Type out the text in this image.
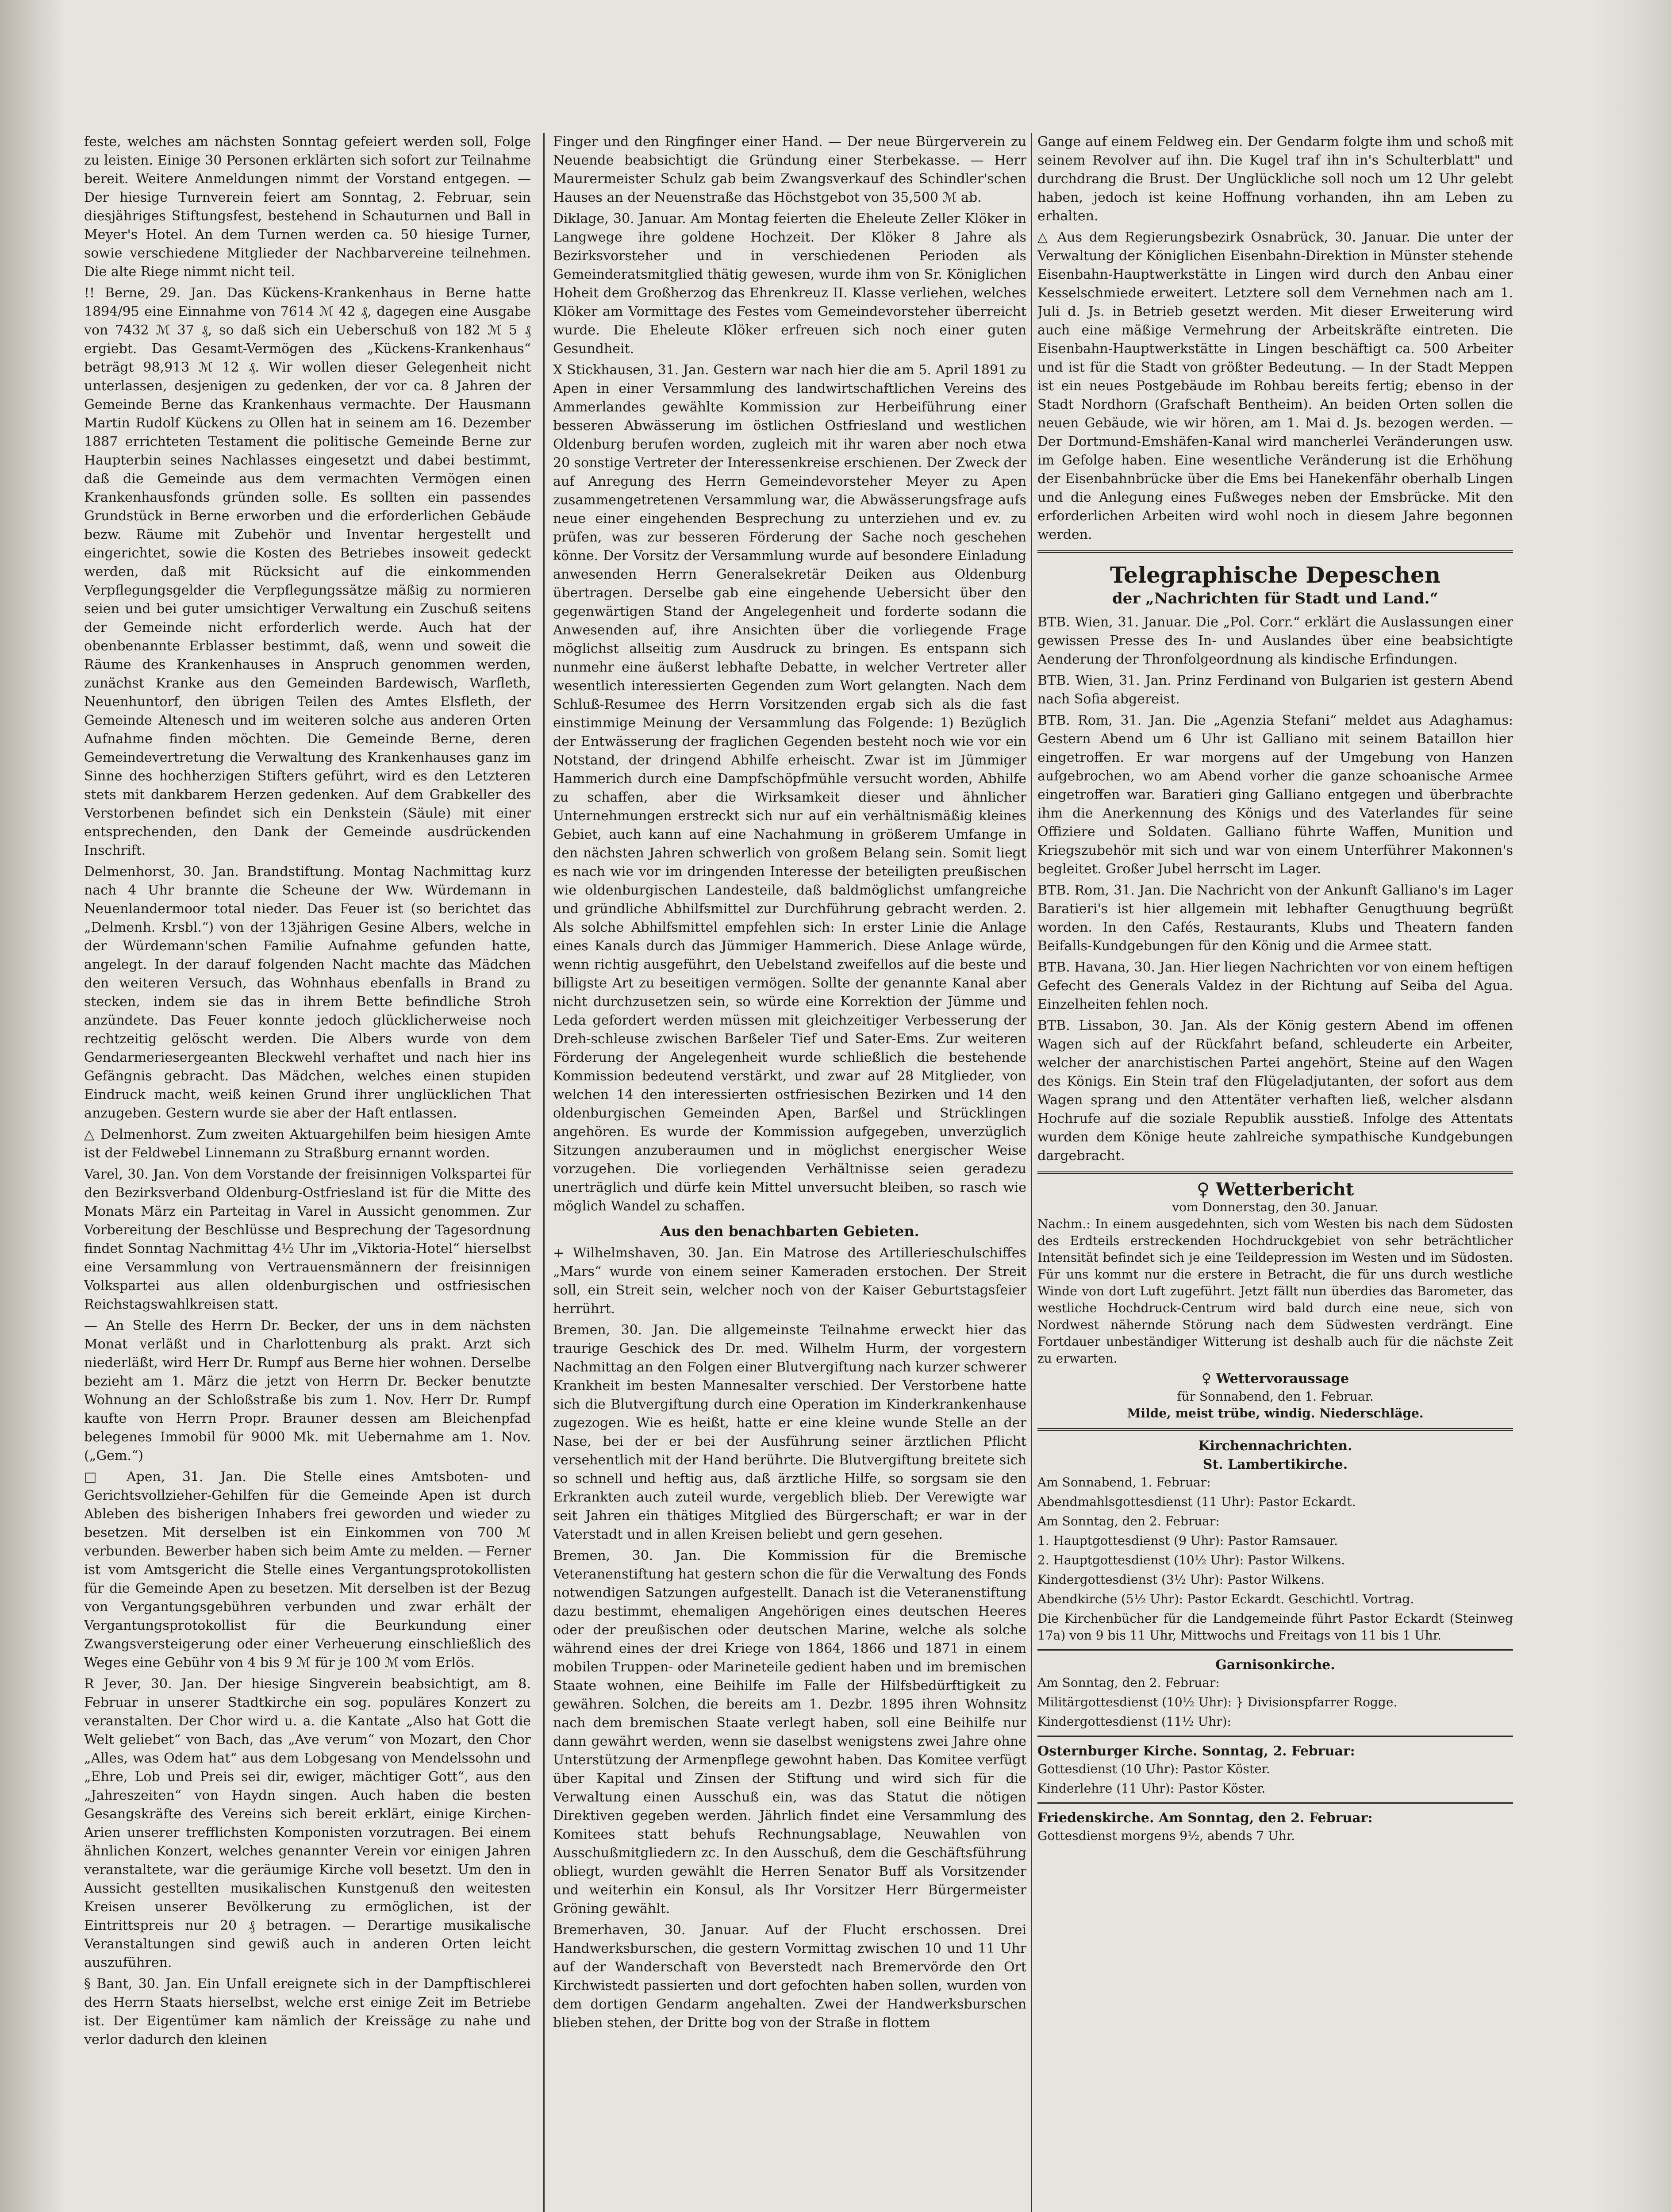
feste, welches am nächsten Sonntag gefeiert werden soll, Folge zu leisten. Einige 30 Personen erklärten sich sofort zur Teilnahme bereit. Weitere Anmeldungen nimmt der Vorstand entgegen. — Der hiesige Turnverein feiert am Sonntag, 2. Februar, sein diesjähriges Stiftungsfest, bestehend in Schauturnen und Ball in Meyer's Hotel. An dem Turnen werden ca. 50 hiesige Turner, sowie verschiedene Mitglieder der Nachbarvereine teilnehmen. Die alte Riege nimmt nicht teil.

!! Berne, 29. Jan. Das Kückens-Krankenhaus in Berne hatte 1894/95 eine Einnahme von 7614 ℳ 42 ₰, dagegen eine Ausgabe von 7432 ℳ 37 ₰, so daß sich ein Ueberschuß von 182 ℳ 5 ₰ ergiebt. Das Gesamt-Vermögen des „Kückens-Krankenhaus“ beträgt 98,913 ℳ 12 ₰. Wir wollen dieser Gelegenheit nicht unterlassen, desjenigen zu gedenken, der vor ca. 8 Jahren der Gemeinde Berne das Krankenhaus vermachte. Der Hausmann Martin Rudolf Kückens zu Ollen hat in seinem am 16. Dezember 1887 errichteten Testament die politische Gemeinde Berne zur Haupterbin seines Nachlasses eingesetzt und dabei bestimmt, daß die Gemeinde aus dem vermachten Vermögen einen Krankenhausfonds gründen solle. Es sollten ein passendes Grundstück in Berne erworben und die erforderlichen Gebäude bezw. Räume mit Zubehör und Inventar hergestellt und eingerichtet, sowie die Kosten des Betriebes insoweit gedeckt werden, daß mit Rücksicht auf die einkommenden Verpflegungsgelder die Verpflegungssätze mäßig zu normieren seien und bei guter umsichtiger Verwaltung ein Zuschuß seitens der Gemeinde nicht erforderlich werde. Auch hat der obenbenannte Erblasser bestimmt, daß, wenn und soweit die Räume des Krankenhauses in Anspruch genommen werden, zunächst Kranke aus den Gemeinden Bardewisch, Warfleth, Neuenhuntorf, den übrigen Teilen des Amtes Elsfleth, der Gemeinde Altenesch und im weiteren solche aus anderen Orten Aufnahme finden möchten. Die Gemeinde Berne, deren Gemeindevertretung die Verwaltung des Krankenhauses ganz im Sinne des hochherzigen Stifters geführt, wird es den Letzteren stets mit dankbarem Herzen gedenken. Auf dem Grabkeller des Verstorbenen befindet sich ein Denkstein (Säule) mit einer entsprechenden, den Dank der Gemeinde ausdrückenden Inschrift.

Delmenhorst, 30. Jan. Brandstiftung. Montag Nachmittag kurz nach 4 Uhr brannte die Scheune der Ww. Würdemann in Neuenlandermoor total nieder. Das Feuer ist (so berichtet das „Delmenh. Krsbl.“) von der 13jährigen Gesine Albers, welche in der Würdemann'schen Familie Aufnahme gefunden hatte, angelegt. In der darauf folgenden Nacht machte das Mädchen den weiteren Versuch, das Wohnhaus ebenfalls in Brand zu stecken, indem sie das in ihrem Bette befindliche Stroh anzündete. Das Feuer konnte jedoch glücklicherweise noch rechtzeitig gelöscht werden. Die Albers wurde von dem Gendarmeriesergeanten Bleckwehl verhaftet und nach hier ins Gefängnis gebracht. Das Mädchen, welches einen stupiden Eindruck macht, weiß keinen Grund ihrer unglücklichen That anzugeben. Gestern wurde sie aber der Haft entlassen.

△ Delmenhorst. Zum zweiten Aktuargehilfen beim hiesigen Amte ist der Feldwebel Linnemann zu Straßburg ernannt worden.

Varel, 30. Jan. Von dem Vorstande der freisinnigen Volkspartei für den Bezirksverband Oldenburg-Ostfriesland ist für die Mitte des Monats März ein Parteitag in Varel in Aussicht genommen. Zur Vorbereitung der Beschlüsse und Besprechung der Tagesordnung findet Sonntag Nachmittag 4½ Uhr im „Viktoria-Hotel“ hierselbst eine Versammlung von Vertrauensmännern der freisinnigen Volkspartei aus allen oldenburgischen und ostfriesischen Reichstagswahlkreisen statt.

— An Stelle des Herrn Dr. Becker, der uns in dem nächsten Monat verläßt und in Charlottenburg als prakt. Arzt sich niederläßt, wird Herr Dr. Rumpf aus Berne hier wohnen. Derselbe bezieht am 1. März die jetzt von Herrn Dr. Becker benutzte Wohnung an der Schloßstraße bis zum 1. Nov. Herr Dr. Rumpf kaufte von Herrn Propr. Brauner dessen am Bleichenpfad belegenes Immobil für 9000 Mk. mit Uebernahme am 1. Nov. („Gem.“)

□ Apen, 31. Jan. Die Stelle eines Amtsboten- und Gerichtsvollzieher-Gehilfen für die Gemeinde Apen ist durch Ableben des bisherigen Inhabers frei geworden und wieder zu besetzen. Mit derselben ist ein Einkommen von 700 ℳ verbunden. Bewerber haben sich beim Amte zu melden. — Ferner ist vom Amtsgericht die Stelle eines Vergantungsprotokollisten für die Gemeinde Apen zu besetzen. Mit derselben ist der Bezug von Vergantungsgebühren verbunden und zwar erhält der Vergantungsprotokollist für die Beurkundung einer Zwangsversteigerung oder einer Verheuerung einschließlich des Weges eine Gebühr von 4 bis 9 ℳ für je 100 ℳ vom Erlös.

R Jever, 30. Jan. Der hiesige Singverein beabsichtigt, am 8. Februar in unserer Stadtkirche ein sog. populäres Konzert zu veranstalten. Der Chor wird u. a. die Kantate „Also hat Gott die Welt geliebet“ von Bach, das „Ave verum“ von Mozart, den Chor „Alles, was Odem hat“ aus dem Lobgesang von Mendelssohn und „Ehre, Lob und Preis sei dir, ewiger, mächtiger Gott“, aus den „Jahreszeiten“ von Haydn singen. Auch haben die besten Gesangskräfte des Vereins sich bereit erklärt, einige Kirchen-Arien unserer trefflichsten Komponisten vorzutragen. Bei einem ähnlichen Konzert, welches genannter Verein vor einigen Jahren veranstaltete, war die geräumige Kirche voll besetzt. Um den in Aussicht gestellten musikalischen Kunstgenuß den weitesten Kreisen unserer Bevölkerung zu ermöglichen, ist der Eintrittspreis nur 20 ₰ betragen. — Derartige musikalische Veranstaltungen sind gewiß auch in anderen Orten leicht auszuführen.

§ Bant, 30. Jan. Ein Unfall ereignete sich in der Dampftischlerei des Herrn Staats hierselbst, welche erst einige Zeit im Betriebe ist. Der Eigentümer kam nämlich der Kreissäge zu nahe und verlor dadurch den kleinen

Finger und den Ringfinger einer Hand. — Der neue Bürgerverein zu Neuende beabsichtigt die Gründung einer Sterbekasse. — Herr Maurermeister Schulz gab beim Zwangsverkauf des Schindler'schen Hauses an der Neuenstraße das Höchstgebot von 35,500 ℳ ab.

Diklage, 30. Januar. Am Montag feierten die Eheleute Zeller Klöker in Langwege ihre goldene Hochzeit. Der Klöker 8 Jahre als Bezirksvorsteher und in verschiedenen Perioden als Gemeinderatsmitglied thätig gewesen, wurde ihm von Sr. Königlichen Hoheit dem Großherzog das Ehrenkreuz II. Klasse verliehen, welches Klöker am Vormittage des Festes vom Gemeindevorsteher überreicht wurde. Die Eheleute Klöker erfreuen sich noch einer guten Gesundheit.

X Stickhausen, 31. Jan. Gestern war nach hier die am 5. April 1891 zu Apen in einer Versammlung des landwirtschaftlichen Vereins des Ammerlandes gewählte Kommission zur Herbeiführung einer besseren Abwässerung im östlichen Ostfriesland und westlichen Oldenburg berufen worden, zugleich mit ihr waren aber noch etwa 20 sonstige Vertreter der Interessenkreise erschienen. Der Zweck der auf Anregung des Herrn Gemeindevorsteher Meyer zu Apen zusammengetretenen Versammlung war, die Abwässerungsfrage aufs neue einer eingehenden Besprechung zu unterziehen und ev. zu prüfen, was zur besseren Förderung der Sache noch geschehen könne. Der Vorsitz der Versammlung wurde auf besondere Einladung anwesenden Herrn Generalsekretär Deiken aus Oldenburg übertragen. Derselbe gab eine eingehende Uebersicht über den gegenwärtigen Stand der Angelegenheit und forderte sodann die Anwesenden auf, ihre Ansichten über die vorliegende Frage möglichst allseitig zum Ausdruck zu bringen. Es entspann sich nunmehr eine äußerst lebhafte Debatte, in welcher Vertreter aller wesentlich interessierten Gegenden zum Wort gelangten. Nach dem Schluß-Resumee des Herrn Vorsitzenden ergab sich als die fast einstimmige Meinung der Versammlung das Folgende: 1) Bezüglich der Entwässerung der fraglichen Gegenden besteht noch wie vor ein Notstand, der dringend Abhilfe erheischt. Zwar ist im Jümmiger Hammerich durch eine Dampfschöpfmühle versucht worden, Abhilfe zu schaffen, aber die Wirksamkeit dieser und ähnlicher Unternehmungen erstreckt sich nur auf ein verhältnismäßig kleines Gebiet, auch kann auf eine Nachahmung in größerem Umfange in den nächsten Jahren schwerlich von großem Belang sein. Somit liegt es nach wie vor im dringenden Interesse der beteiligten preußischen wie oldenburgischen Landesteile, daß baldmöglichst umfangreiche und gründliche Abhilfsmittel zur Durchführung gebracht werden. 2. Als solche Abhilfsmittel empfehlen sich: In erster Linie die Anlage eines Kanals durch das Jümmiger Hammerich. Diese Anlage würde, wenn richtig ausgeführt, den Uebelstand zweifellos auf die beste und billigste Art zu beseitigen vermögen. Sollte der genannte Kanal aber nicht durchzusetzen sein, so würde eine Korrektion der Jümme und Leda gefordert werden müssen mit gleichzeitiger Verbesserung der Dreh-schleuse zwischen Barßeler Tief und Sater-Ems. Zur weiteren Förderung der Angelegenheit wurde schließlich die bestehende Kommission bedeutend verstärkt, und zwar auf 28 Mitglieder, von welchen 14 den interessierten ostfriesischen Bezirken und 14 den oldenburgischen Gemeinden Apen, Barßel und Strücklingen angehören. Es wurde der Kommission aufgegeben, unverzüglich Sitzungen anzuberaumen und in möglichst energischer Weise vorzugehen. Die vorliegenden Verhältnisse seien geradezu unerträglich und dürfe kein Mittel unversucht bleiben, so rasch wie möglich Wandel zu schaffen.

Aus den benachbarten Gebieten.

+ Wilhelmshaven, 30. Jan. Ein Matrose des Artillerieschulschiffes „Mars“ wurde von einem seiner Kameraden erstochen. Der Streit soll, ein Streit sein, welcher noch von der Kaiser Geburtstagsfeier herrührt.

Bremen, 30. Jan. Die allgemeinste Teilnahme erweckt hier das traurige Geschick des Dr. med. Wilhelm Hurm, der vorgestern Nachmittag an den Folgen einer Blutvergiftung nach kurzer schwerer Krankheit im besten Mannesalter verschied. Der Verstorbene hatte sich die Blutvergiftung durch eine Operation im Kinderkrankenhause zugezogen. Wie es heißt, hatte er eine kleine wunde Stelle an der Nase, bei der er bei der Ausführung seiner ärztlichen Pflicht versehentlich mit der Hand berührte. Die Blutvergiftung breitete sich so schnell und heftig aus, daß ärztliche Hilfe, so sorgsam sie den Erkrankten auch zuteil wurde, vergeblich blieb. Der Verewigte war seit Jahren ein thätiges Mitglied des Bürgerschaft; er war in der Vaterstadt und in allen Kreisen beliebt und gern gesehen.

Bremen, 30. Jan. Die Kommission für die Bremische Veteranenstiftung hat gestern schon die für die Verwaltung des Fonds notwendigen Satzungen aufgestellt. Danach ist die Veteranenstiftung dazu bestimmt, ehemaligen Angehörigen eines deutschen Heeres oder der preußischen oder deutschen Marine, welche als solche während eines der drei Kriege von 1864, 1866 und 1871 in einem mobilen Truppen- oder Marineteile gedient haben und im bremischen Staate wohnen, eine Beihilfe im Falle der Hilfsbedürftigkeit zu gewähren. Solchen, die bereits am 1. Dezbr. 1895 ihren Wohnsitz nach dem bremischen Staate verlegt haben, soll eine Beihilfe nur dann gewährt werden, wenn sie daselbst wenigstens zwei Jahre ohne Unterstützung der Armenpflege gewohnt haben. Das Komitee verfügt über Kapital und Zinsen der Stiftung und wird sich für die Verwaltung einen Ausschuß ein, was das Statut die nötigen Direktiven gegeben werden. Jährlich findet eine Versammlung des Komitees statt behufs Rechnungsablage, Neuwahlen von Ausschußmitgliedern zc. In den Ausschuß, dem die Geschäftsführung obliegt, wurden gewählt die Herren Senator Buff als Vorsitzender und weiterhin ein Konsul, als Ihr Vorsitzer Herr Bürgermeister Gröning gewählt.

Bremerhaven, 30. Januar. Auf der Flucht erschossen. Drei Handwerksburschen, die gestern Vormittag zwischen 10 und 11 Uhr auf der Wanderschaft von Beverstedt nach Bremervörde den Ort Kirchwistedt passierten und dort gefochten haben sollen, wurden von dem dortigen Gendarm angehalten. Zwei der Handwerksburschen blieben stehen, der Dritte bog von der Straße in flottem

Gange auf einem Feldweg ein. Der Gendarm folgte ihm und schoß mit seinem Revolver auf ihn. Die Kugel traf ihn in's Schulterblatt" und durchdrang die Brust. Der Unglückliche soll noch um 12 Uhr gelebt haben, jedoch ist keine Hoffnung vorhanden, ihn am Leben zu erhalten.

△ Aus dem Regierungsbezirk Osnabrück, 30. Januar. Die unter der Verwaltung der Königlichen Eisenbahn-Direktion in Münster stehende Eisenbahn-Hauptwerkstätte in Lingen wird durch den Anbau einer Kesselschmiede erweitert. Letztere soll dem Vernehmen nach am 1. Juli d. Js. in Betrieb gesetzt werden. Mit dieser Erweiterung wird auch eine mäßige Vermehrung der Arbeitskräfte eintreten. Die Eisenbahn-Hauptwerkstätte in Lingen beschäftigt ca. 500 Arbeiter und ist für die Stadt von größter Bedeutung. — In der Stadt Meppen ist ein neues Postgebäude im Rohbau bereits fertig; ebenso in der Stadt Nordhorn (Grafschaft Bentheim). An beiden Orten sollen die neuen Gebäude, wie wir hören, am 1. Mai d. Js. bezogen werden. — Der Dortmund-Emshäfen-Kanal wird mancherlei Veränderungen usw. im Gefolge haben. Eine wesentliche Veränderung ist die Erhöhung der Eisenbahnbrücke über die Ems bei Hanekenfähr oberhalb Lingen und die Anlegung eines Fußweges neben der Emsbrücke. Mit den erforderlichen Arbeiten wird wohl noch in diesem Jahre begonnen werden.

Telegraphische Depeschen
der „Nachrichten für Stadt und Land.“

BTB. Wien, 31. Januar. Die „Pol. Corr.“ erklärt die Auslassungen einer gewissen Presse des In- und Auslandes über eine beabsichtigte Aenderung der Thronfolgeordnung als kindische Erfindungen.

BTB. Wien, 31. Jan. Prinz Ferdinand von Bulgarien ist gestern Abend nach Sofia abgereist.

BTB. Rom, 31. Jan. Die „Agenzia Stefani“ meldet aus Adaghamus: Gestern Abend um 6 Uhr ist Galliano mit seinem Bataillon hier eingetroffen. Er war morgens auf der Umgebung von Hanzen aufgebrochen, wo am Abend vorher die ganze schoanische Armee eingetroffen war. Baratieri ging Galliano entgegen und überbrachte ihm die Anerkennung des Königs und des Vaterlandes für seine Offiziere und Soldaten. Galliano führte Waffen, Munition und Kriegszubehör mit sich und war von einem Unterführer Makonnen's begleitet. Großer Jubel herrscht im Lager.

BTB. Rom, 31. Jan. Die Nachricht von der Ankunft Galliano's im Lager Baratieri's ist hier allgemein mit lebhafter Genugthuung begrüßt worden. In den Cafés, Restaurants, Klubs und Theatern fanden Beifalls-Kundgebungen für den König und die Armee statt.

BTB. Havana, 30. Jan. Hier liegen Nachrichten vor von einem heftigen Gefecht des Generals Valdez in der Richtung auf Seiba del Agua. Einzelheiten fehlen noch.

BTB. Lissabon, 30. Jan. Als der König gestern Abend im offenen Wagen sich auf der Rückfahrt befand, schleuderte ein Arbeiter, welcher der anarchistischen Partei angehört, Steine auf den Wagen des Königs. Ein Stein traf den Flügeladjutanten, der sofort aus dem Wagen sprang und den Attentäter verhaften ließ, welcher alsdann Hochrufe auf die soziale Republik ausstieß. Infolge des Attentats wurden dem Könige heute zahlreiche sympathische Kundgebungen dargebracht.

♀ Wetterbericht
vom Donnerstag, den 30. Januar.

Nachm.: In einem ausgedehnten, sich vom Westen bis nach dem Südosten des Erdteils erstreckenden Hochdruckgebiet von sehr beträchtlicher Intensität befindet sich je eine Teildepression im Westen und im Südosten. Für uns kommt nur die erstere in Betracht, die für uns durch westliche Winde von dort Luft zugeführt. Jetzt fällt nun überdies das Barometer, das westliche Hochdruck-Centrum wird bald durch eine neue, sich von Nordwest nähernde Störung nach dem Südwesten verdrängt. Eine Fortdauer unbeständiger Witterung ist deshalb auch für die nächste Zeit zu erwarten.

♀ Wettervoraussage
für Sonnabend, den 1. Februar.
Milde, meist trübe, windig. Niederschläge.
Kirchennachrichten.
St. Lambertikirche.

Am Sonnabend, 1. Februar:

Abendmahlsgottesdienst (11 Uhr): Pastor Eckardt.

Am Sonntag, den 2. Februar:

1. Hauptgottesdienst (9 Uhr): Pastor Ramsauer.

2. Hauptgottesdienst (10½ Uhr): Pastor Wilkens.

Kindergottesdienst (3½ Uhr): Pastor Wilkens.

Abendkirche (5½ Uhr): Pastor Eckardt. Geschichtl. Vortrag.

Die Kirchenbücher für die Landgemeinde führt Pastor Eckardt (Steinweg 17a) von 9 bis 11 Uhr, Mittwochs und Freitags von 11 bis 1 Uhr.

Garnisonkirche.

Am Sonntag, den 2. Februar:

Militärgottesdienst (10½ Uhr): } Divisionspfarrer Rogge.

Kindergottesdienst (11½ Uhr):

Osternburger Kirche. Sonntag, 2. Februar:

Gottesdienst (10 Uhr): Pastor Köster.

Kinderlehre (11 Uhr): Pastor Köster.

Friedenskirche. Am Sonntag, den 2. Februar:

Gottesdienst morgens 9½, abends 7 Uhr.
